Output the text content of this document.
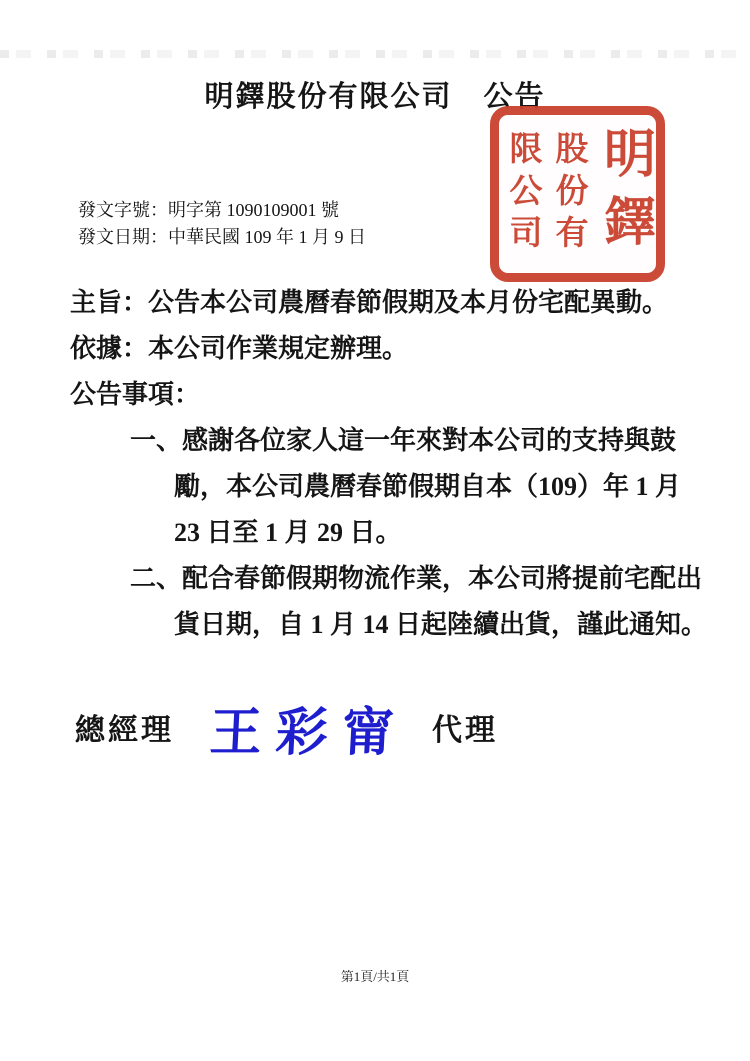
明鐸股份有限公司　公告
明鐸
股份有
限公司
發文字號：明字第 1090109001 號
發文日期：中華民國 109 年 1 月 9 日
主旨：公告本公司農曆春節假期及本月份宅配異動。
依據：本公司作業規定辦理。
公告事項：
一、感謝各位家人這一年來對本公司的支持與鼓
勵，本公司農曆春節假期自本（109）年 1 月
23 日至 1 月 29 日。
二、配合春節假期物流作業，本公司將提前宅配出
貨日期，自 1 月 14 日起陸續出貨，謹此通知。
總經理 王彩甯 代理
第1頁/共1頁
